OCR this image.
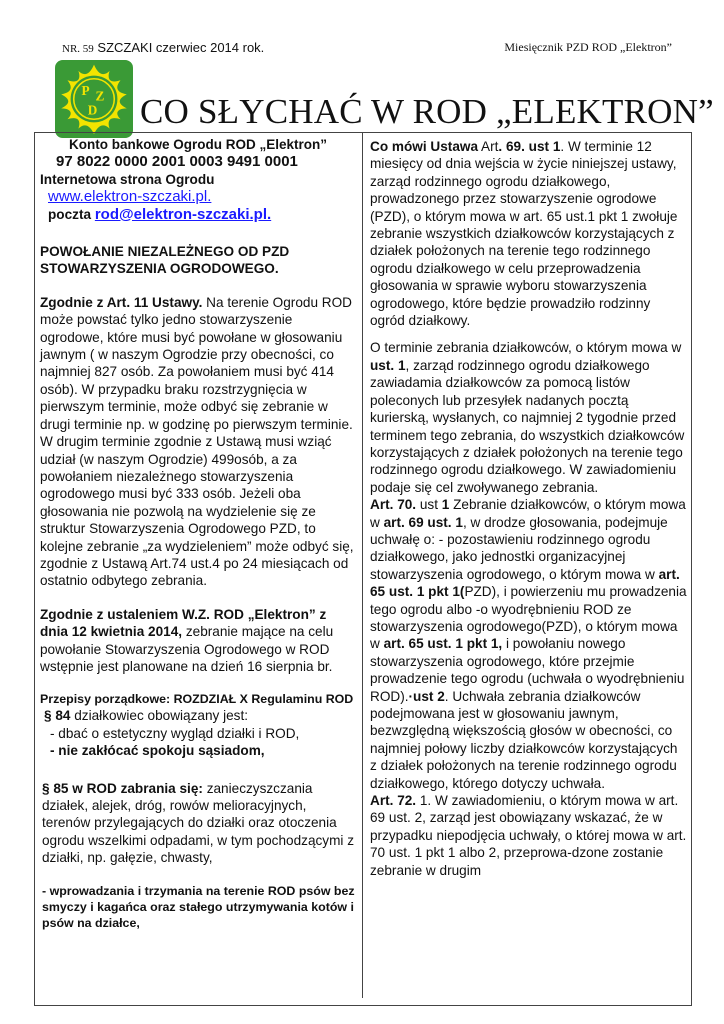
NR. 59 SZCZAKI czerwiec 2014 rok.	Miesięcznik PZD ROD „Elektron”
P Z
D CO SŁYCHAĆ W ROD „ELEKTRON”

Konto bankowe Ogrodu ROD „Elektron”

97 8022 0000 2001 0003 9491 0001

Internetowa strona Ogrodu

www.elektron-szczaki.pl.

poczta rod@elektron-szczaki.pl.

POWOŁANIE NIEZALEŻNEGO OD PZD STOWARZYSZENIA OGRODOWEGO.

Zgodnie z Art. 11 Ustawy. Na terenie Ogrodu ROD może powstać tylko jedno stowarzyszenie ogrodowe, które musi być powołane w głosowaniu jawnym ( w naszym Ogrodzie przy obecności, co najmniej 827 osób. Za powołaniem musi być 414 osób). W przypadku braku rozstrzygnięcia w pierwszym terminie, może odbyć się zebranie w drugi terminie np. w godzinę po pierwszym terminie. W drugim terminie zgodnie z Ustawą musi wziąć udział (w naszym Ogrodzie) 499osób, a za powołaniem niezależnego stowarzyszenia ogrodowego musi być 333 osób. Jeżeli oba głosowania nie pozwolą na wydzielenie się ze struktur Stowarzyszenia Ogrodowego PZD, to kolejne zebranie „za wydzieleniem” może odbyć się, zgodnie z Ustawą Art.74 ust.4 po 24 miesiącach od ostatnio odbytego zebrania.

Zgodnie z ustaleniem W.Z. ROD „Elektron” z dnia 12 kwietnia 2014, zebranie mające na celu powołanie Stowarzyszenia Ogrodowego w ROD wstępnie jest planowane na dzień 16 sierpnia br.

Przepisy porządkowe: ROZDZIAŁ X Regulaminu ROD

§ 84 działkowiec obowiązany jest:

- dbać o estetyczny wygląd działki i ROD,

- nie zakłócać spokoju sąsiadom,

§ 85 w ROD zabrania się: zanieczyszczania działek, alejek, dróg, rowów melioracyjnych, terenów przylegających do działki oraz otoczenia ogrodu wszelkimi odpadami, w tym pochodzącymi z działki, np. gałęzie, chwasty,

- wprowadzania i trzymania na terenie ROD psów bez smyczy i kagańca oraz stałego utrzymywania kotów i psów na działce,

Co mówi Ustawa Art. 69. ust 1. W terminie 12 miesięcy od dnia wejścia w życie niniejszej ustawy, zarząd rodzinnego ogrodu działkowego, prowadzonego przez stowarzyszenie ogrodowe (PZD), o którym mowa w art. 65 ust.1 pkt 1 zwołuje zebranie wszystkich działkowców korzystających z działek położonych na terenie tego rodzinnego ogrodu działkowego w celu przeprowadzenia głosowania w sprawie wyboru stowarzyszenia ogrodowego, które będzie prowadziło rodzinny ogród działkowy.

O terminie zebrania działkowców, o którym mowa w ust. 1, zarząd rodzinnego ogrodu działkowego zawiadamia działkowców za pomocą listów poleconych lub przesyłek nadanych pocztą kurierską, wysłanych, co najmniej 2 tygodnie przed terminem tego zebrania, do wszystkich działkowców korzystających z działek położonych na terenie tego rodzinnego ogrodu działkowego. W zawiadomieniu podaje się cel zwoływanego zebrania.

Art. 70. ust 1 Zebranie działkowców, o którym mowa w art. 69 ust. 1, w drodze głosowania, podejmuje uchwałę o: - pozostawieniu rodzinnego ogrodu działkowego, jako jednostki organizacyjnej stowarzyszenia ogrodowego, o którym mowa w art. 65 ust. 1 pkt 1(PZD), i powierzeniu mu prowadzenia tego ogrodu albo -o wyodrębnieniu ROD ze stowarzyszenia ogrodowego(PZD), o którym mowa w art. 65 ust. 1 pkt 1, i powołaniu nowego stowarzyszenia ogrodowego, które przejmie prowadzenie tego ogrodu (uchwała o wyodrębnieniu ROD).·ust 2. Uchwała zebrania działkowców podejmowana jest w głosowaniu jawnym, bezwzględną większością głosów w obecności, co najmniej połowy liczby działkowców korzystających z działek położonych na terenie rodzinnego ogrodu działkowego, którego dotyczy uchwała.

Art. 72. 1. W zawiadomieniu, o którym mowa w art. 69 ust. 2, zarząd jest obowiązany wskazać, że w przypadku niepodjęcia uchwały, o której mowa w art. 70 ust. 1 pkt 1 albo 2, przeprowa-dzone zostanie zebranie w drugim
